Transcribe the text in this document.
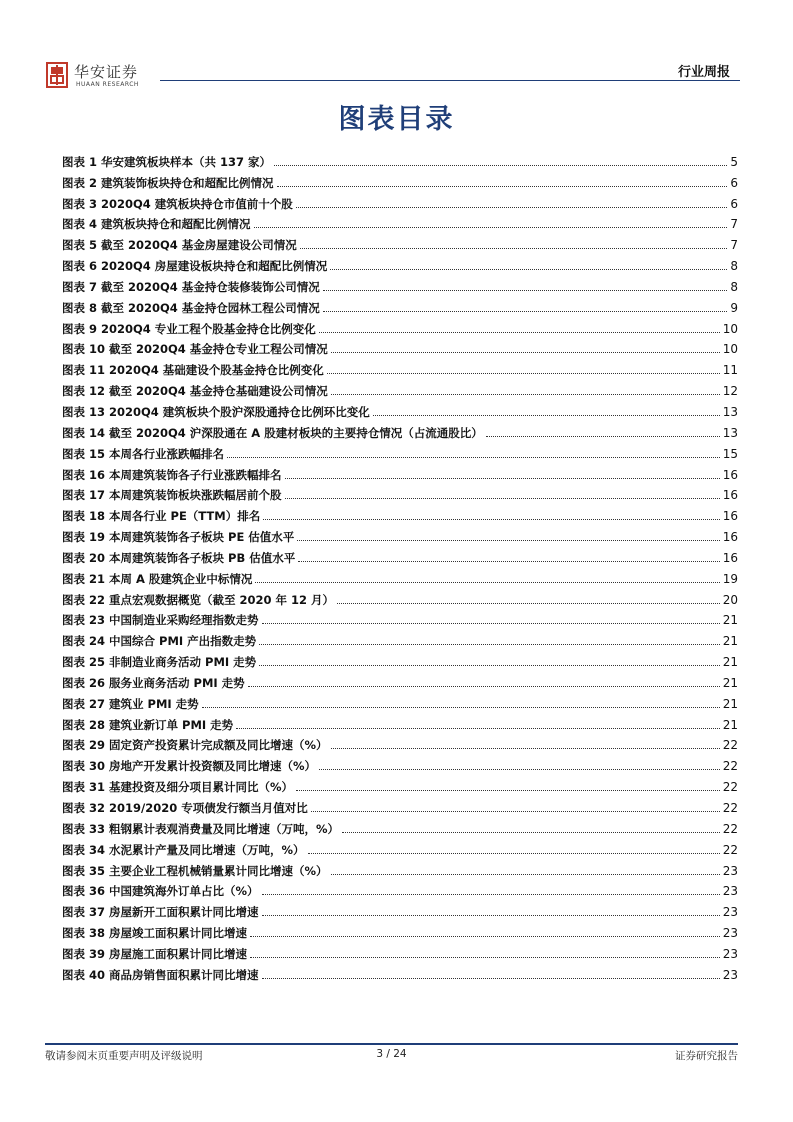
华安证券
HUAAN RESEARCH
行业周报
图表目录
图表 1 华安建筑板块样本（共 137 家）	5
图表 2 建筑装饰板块持仓和超配比例情况	6
图表 3 2020Q4 建筑板块持仓市值前十个股	6
图表 4 建筑板块持仓和超配比例情况	7
图表 5 截至 2020Q4 基金房屋建设公司情况	7
图表 6 2020Q4 房屋建设板块持仓和超配比例情况	8
图表 7 截至 2020Q4 基金持仓装修装饰公司情况	8
图表 8 截至 2020Q4 基金持仓园林工程公司情况	9
图表 9 2020Q4 专业工程个股基金持仓比例变化	10
图表 10 截至 2020Q4 基金持仓专业工程公司情况	10
图表 11 2020Q4 基础建设个股基金持仓比例变化	11
图表 12 截至 2020Q4 基金持仓基础建设公司情况	12
图表 13 2020Q4 建筑板块个股沪深股通持仓比例环比变化	13
图表 14 截至 2020Q4 沪深股通在 A 股建材板块的主要持仓情况（占流通股比）	13
图表 15 本周各行业涨跌幅排名	15
图表 16 本周建筑装饰各子行业涨跌幅排名	16
图表 17 本周建筑装饰板块涨跌幅居前个股	16
图表 18 本周各行业 PE（TTM）排名	16
图表 19 本周建筑装饰各子板块 PE 估值水平	16
图表 20 本周建筑装饰各子板块 PB 估值水平	16
图表 21 本周 A 股建筑企业中标情况	19
图表 22 重点宏观数据概览（截至 2020 年 12 月）	20
图表 23 中国制造业采购经理指数走势	21
图表 24 中国综合 PMI 产出指数走势	21
图表 25 非制造业商务活动 PMI 走势	21
图表 26 服务业商务活动 PMI 走势	21
图表 27 建筑业 PMI 走势	21
图表 28 建筑业新订单 PMI 走势	21
图表 29 固定资产投资累计完成额及同比增速（%）	22
图表 30 房地产开发累计投资额及同比增速（%）	22
图表 31 基建投资及细分项目累计同比（%）	22
图表 32 2019/2020 专项债发行额当月值对比	22
图表 33 粗钢累计表观消费量及同比增速（万吨，%）	22
图表 34 水泥累计产量及同比增速（万吨，%）	22
图表 35 主要企业工程机械销量累计同比增速（%）	23
图表 36 中国建筑海外订单占比（%）	23
图表 37 房屋新开工面积累计同比增速	23
图表 38 房屋竣工面积累计同比增速	23
图表 39 房屋施工面积累计同比增速	23
图表 40 商品房销售面积累计同比增速	23
敬请参阅末页重要声明及评级说明	3 / 24	证券研究报告
